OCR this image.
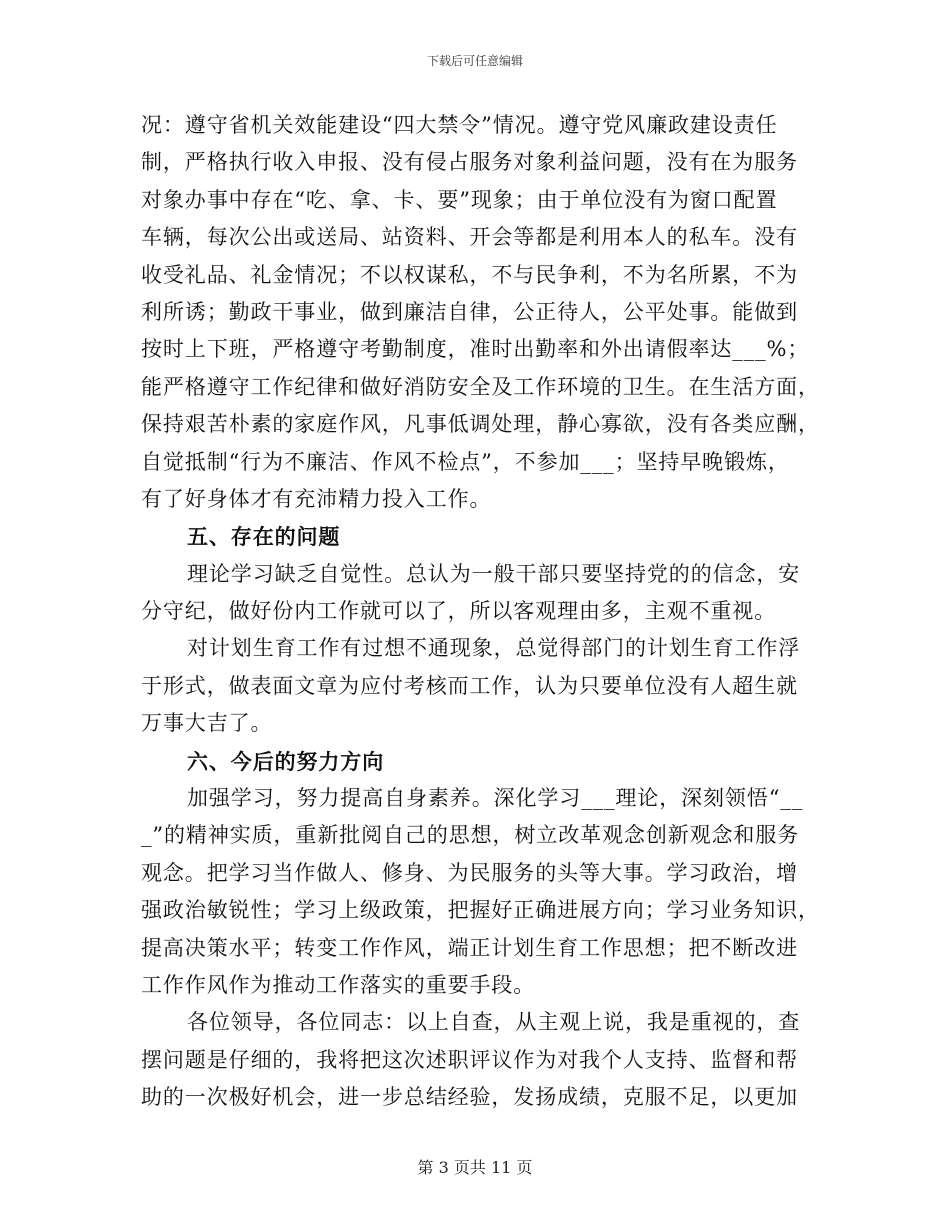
下载后可任意编辑
况：遵守省机关效能建设“四大禁令”情况。遵守党风廉政建设责任
制，严格执行收入申报、没有侵占服务对象利益问题，没有在为服务
对象办事中存在“吃、拿、卡、要”现象；由于单位没有为窗口配置
车辆，每次公出或送局、站资料、开会等都是利用本人的私车。没有
收受礼品、礼金情况；不以权谋私，不与民争利，不为名所累，不为
利所诱；勤政干事业，做到廉洁自律，公正待人，公平处事。能做到
按时上下班，严格遵守考勤制度，准时出勤率和外出请假率达___%；
能严格遵守工作纪律和做好消防安全及工作环境的卫生。在生活方面，
保持艰苦朴素的家庭作风，凡事低调处理，静心寡欲，没有各类应酬，
自觉抵制“行为不廉洁、作风不检点”，不参加___；坚持早晚锻炼，
有了好身体才有充沛精力投入工作。
五、存在的问题
理论学习缺乏自觉性。总认为一般干部只要坚持党的的信念，安
分守纪，做好份内工作就可以了，所以客观理由多，主观不重视。
对计划生育工作有过想不通现象，总觉得部门的计划生育工作浮
于形式，做表面文章为应付考核而工作，认为只要单位没有人超生就
万事大吉了。
六、今后的努力方向
加强学习，努力提高自身素养。深化学习___理论，深刻领悟“__
_”的精神实质，重新批阅自己的思想，树立改革观念创新观念和服务
观念。把学习当作做人、修身、为民服务的头等大事。学习政治，增
强政治敏锐性；学习上级政策，把握好正确进展方向；学习业务知识，
提高决策水平；转变工作作风，端正计划生育工作思想；把不断改进
工作作风作为推动工作落实的重要手段。
各位领导，各位同志：以上自查，从主观上说，我是重视的，查
摆问题是仔细的，我将把这次述职评议作为对我个人支持、监督和帮
助的一次极好机会，进一步总结经验，发扬成绩，克服不足，以更加
第 3 页共 11 页
